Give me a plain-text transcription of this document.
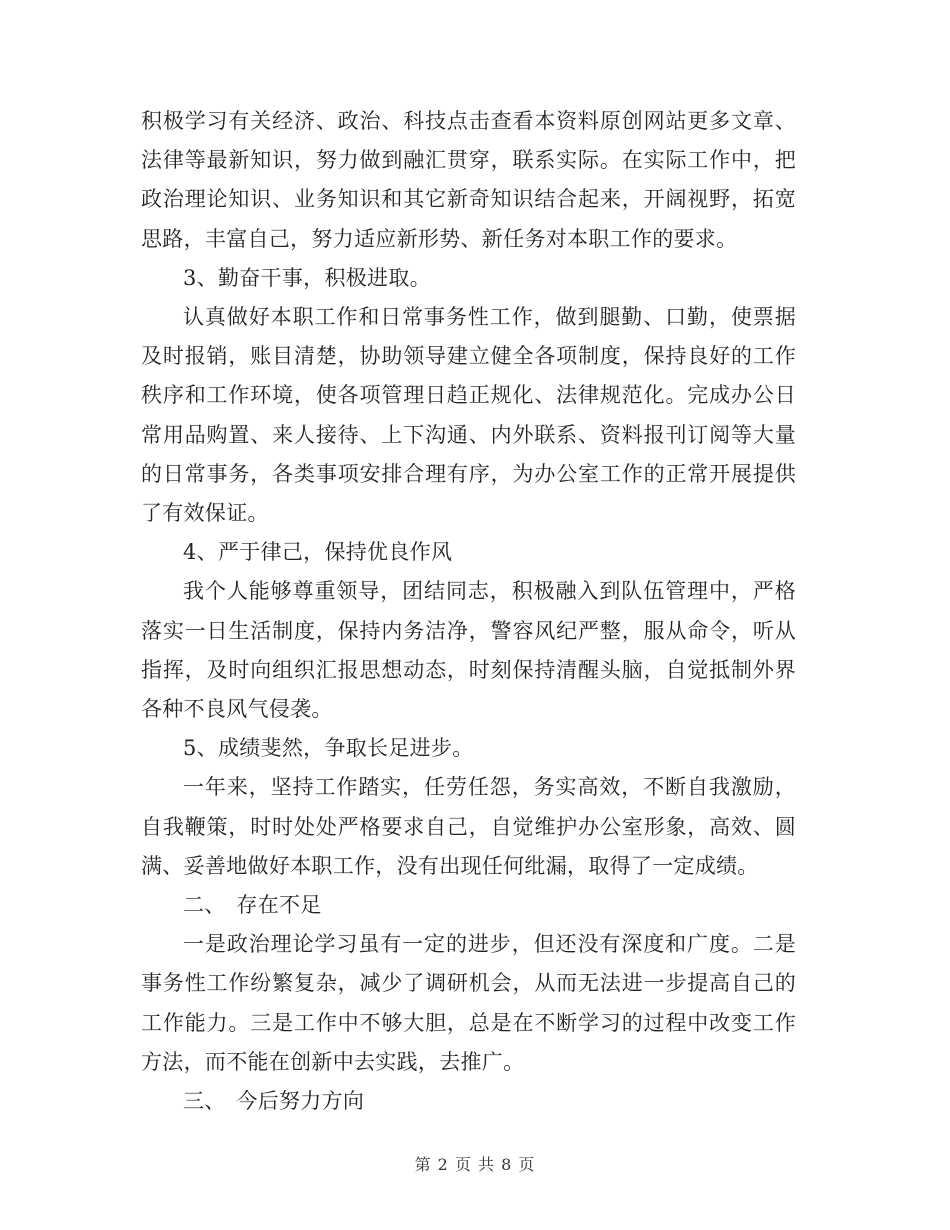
积极学习有关经济、政治、科技点击查看本资料原创网站更多文章、法律等最新知识，努力做到融汇贯穿，联系实际。在实际工作中，把政治理论知识、业务知识和其它新奇知识结合起来，开阔视野，拓宽思路，丰富自己，努力适应新形势、新任务对本职工作的要求。

3、勤奋干事，积极进取。

认真做好本职工作和日常事务性工作，做到腿勤、口勤，使票据及时报销，账目清楚，协助领导建立健全各项制度，保持良好的工作秩序和工作环境，使各项管理日趋正规化、法律规范化。完成办公日常用品购置、来人接待、上下沟通、内外联系、资料报刊订阅等大量的日常事务，各类事项安排合理有序，为办公室工作的正常开展提供了有效保证。

4、严于律己，保持优良作风

我个人能够尊重领导，团结同志，积极融入到队伍管理中，严格落实一日生活制度，保持内务洁净，警容风纪严整，服从命令，听从指挥，及时向组织汇报思想动态，时刻保持清醒头脑，自觉抵制外界各种不良风气侵袭。

5、成绩斐然，争取长足进步。

一年来，坚持工作踏实，任劳任怨，务实高效，不断自我激励，自我鞭策，时时处处严格要求自己，自觉维护办公室形象，高效、圆满、妥善地做好本职工作，没有出现任何纰漏，取得了一定成绩。

二、　存在不足

一是政治理论学习虽有一定的进步，但还没有深度和广度。二是事务性工作纷繁复杂，减少了调研机会，从而无法进一步提高自己的工作能力。三是工作中不够大胆，总是在不断学习的过程中改变工作方法，而不能在创新中去实践，去推广。

三、　今后努力方向

第 2 页 共 8 页
